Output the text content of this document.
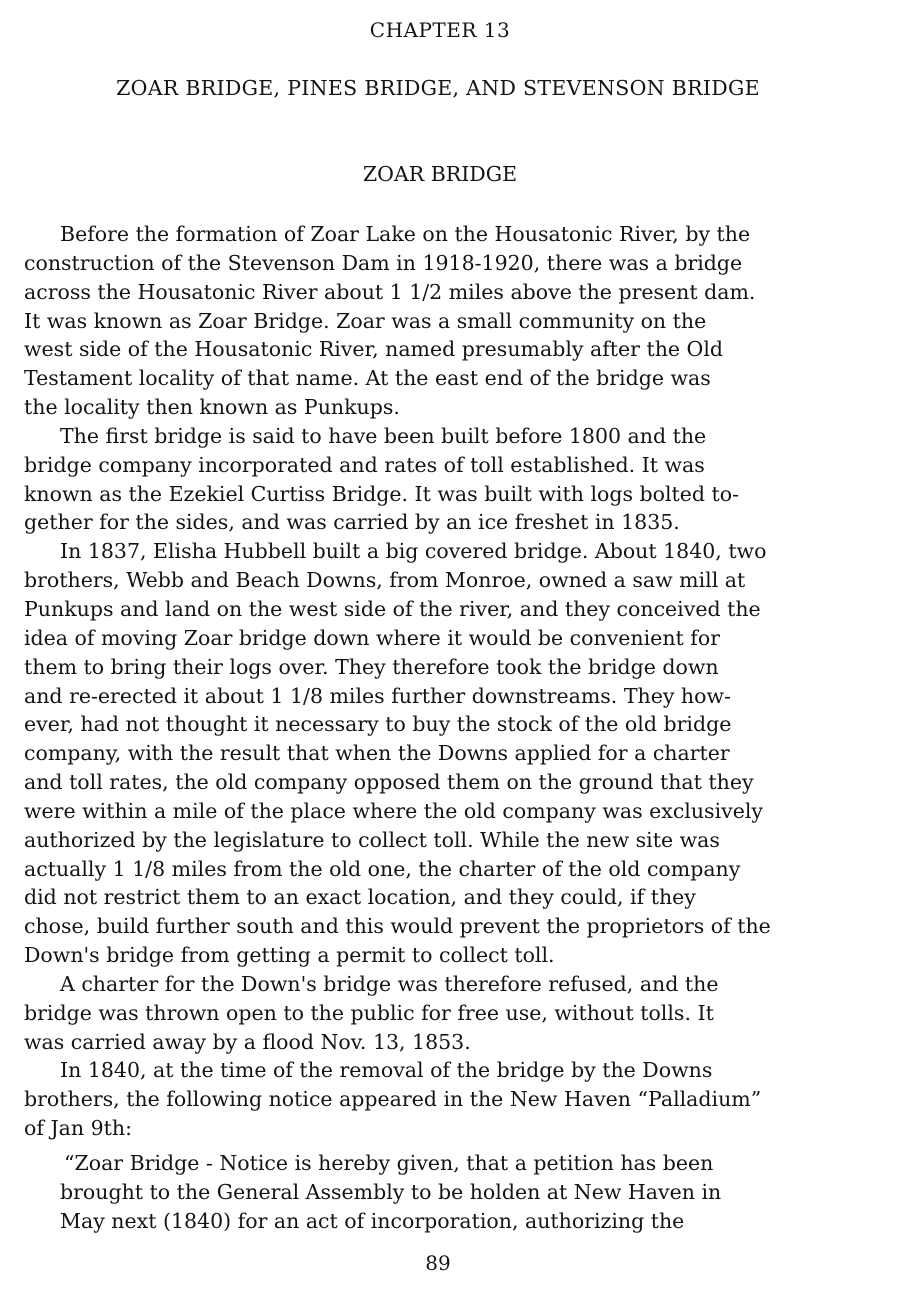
CHAPTER 13
ZOAR BRIDGE, PINES BRIDGE, AND STEVENSON BRIDGE
ZOAR BRIDGE
Before the formation of Zoar Lake on the Housatonic River, by the
construction of the Stevenson Dam in 1918-1920, there was a bridge
across the Housatonic River about 1 1/2 miles above the present dam.
It was known as Zoar Bridge. Zoar was a small community on the
west side of the Housatonic River, named presumably after the Old
Testament locality of that name. At the east end of the bridge was
the locality then known as Punkups.
The first bridge is said to have been built before 1800 and the
bridge company incorporated and rates of toll established. It was
known as the Ezekiel Curtiss Bridge. It was built with logs bolted to-
gether for the sides, and was carried by an ice freshet in 1835.
In 1837, Elisha Hubbell built a big covered bridge. About 1840, two
brothers, Webb and Beach Downs, from Monroe, owned a saw mill at
Punkups and land on the west side of the river, and they conceived the
idea of moving Zoar bridge down where it would be convenient for
them to bring their logs over. They therefore took the bridge down
and re-erected it about 1 1/8 miles further downstreams. They how-
ever, had not thought it necessary to buy the stock of the old bridge
company, with the result that when the Downs applied for a charter
and toll rates, the old company opposed them on the ground that they
were within a mile of the place where the old company was exclusively
authorized by the legislature to collect toll. While the new site was
actually 1 1/8 miles from the old one, the charter of the old company
did not restrict them to an exact location, and they could, if they
chose, build further south and this would prevent the proprietors of the
Down's bridge from getting a permit to collect toll.
A charter for the Down's bridge was therefore refused, and the
bridge was thrown open to the public for free use, without tolls. It
was carried away by a flood Nov. 13, 1853.
In 1840, at the time of the removal of the bridge by the Downs
brothers, the following notice appeared in the New Haven “Palladium”
of Jan 9th:
“Zoar Bridge - Notice is hereby given, that a petition has been
brought to the General Assembly to be holden at New Haven in
May next (1840) for an act of incorporation, authorizing the
89
